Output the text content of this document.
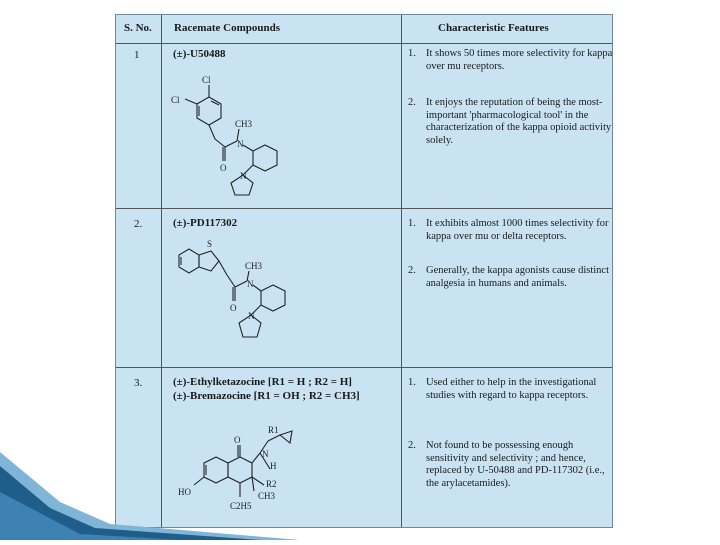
S. No. Racemate Compounds	Characteristic Features
1	(±)-U50488
Cl
Cl
CH3
N
O
N
1. It shows 50 times more selectivity for kappa over mu receptors.
2. It enjoys the reputation of being the most-important 'pharmacological tool' in the characterization of the kappa opioid activity solely.
2.	(±)-PD117302
S
CH3
N
O
N
1. It exhibits almost 1000 times selectivity for kappa over mu or delta receptors.
2. Generally, the kappa agonists cause distinct analgesia in humans and animals.
3.	(±)-Ethylketazocine [R1 = H ; R2 = H]
(±)-Bremazocine [R1 = OH ; R2 = CH3]
R1
O
N
H
R2
HO	CH3
C2H5
1. Used either to help in the investigational studies with regard to kappa receptors.
2. Not found to be possessing enough sensitivity and selectivity ; and hence, replaced by U-50488 and PD-117302 (i.e., the arylacetamides).
